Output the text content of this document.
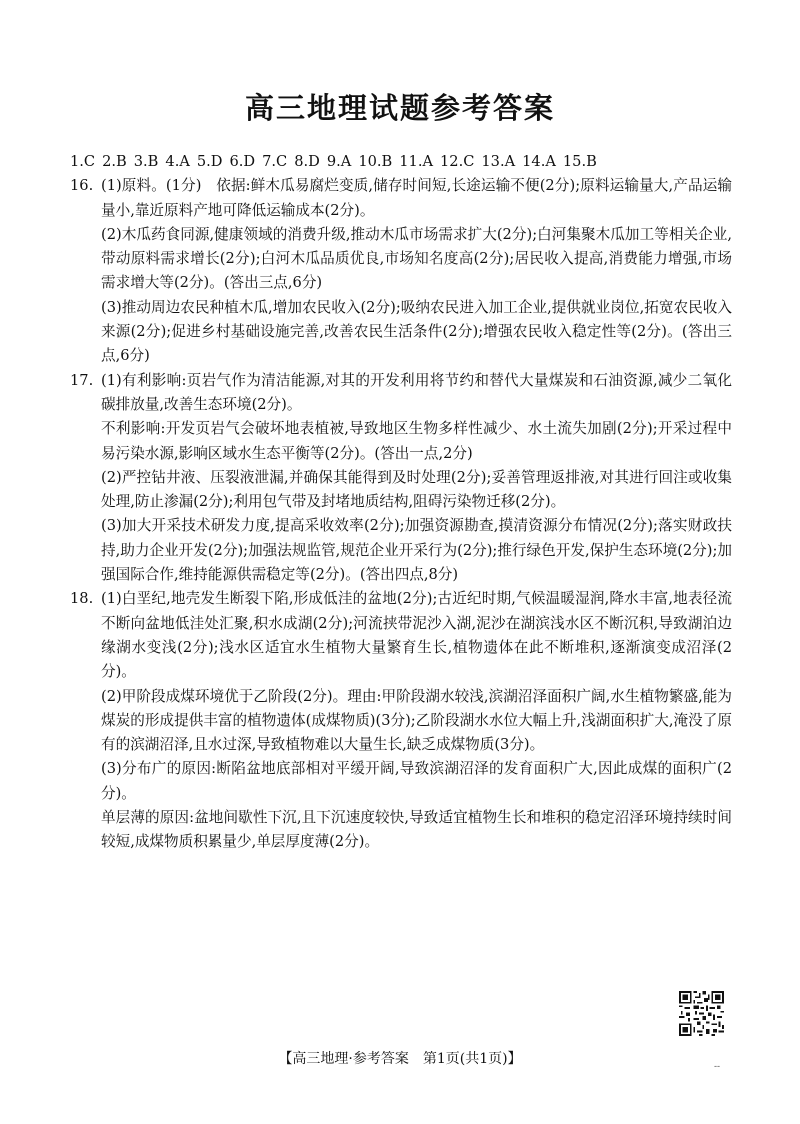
高三地理试题参考答案
1.C 2.B 3.B 4.A 5.D 6.D 7.C 8.D 9.A 10.B 11.A 12.C 13.A 14.A 15.B
16. (1)原料。(1分)　依据:鲜木瓜易腐烂变质,储存时间短,长途运输不便(2分);原料运输量大,产品运输量小,靠近原料产地可降低运输成本(2分)。

(2)木瓜药食同源,健康领域的消费升级,推动木瓜市场需求扩大(2分);白河集聚木瓜加工等相关企业,带动原料需求增长(2分);白河木瓜品质优良,市场知名度高(2分);居民收入提高,消费能力增强,市场需求增大等(2分)。(答出三点,6分)

(3)推动周边农民种植木瓜,增加农民收入(2分);吸纳农民进入加工企业,提供就业岗位,拓宽农民收入来源(2分);促进乡村基础设施完善,改善农民生活条件(2分);增强农民收入稳定性等(2分)。(答出三点,6分)

17. (1)有利影响:页岩气作为清洁能源,对其的开发利用将节约和替代大量煤炭和石油资源,减少二氧化碳排放量,改善生态环境(2分)。

不利影响:开发页岩气会破坏地表植被,导致地区生物多样性减少、水土流失加剧(2分);开采过程中易污染水源,影响区域水生态平衡等(2分)。(答出一点,2分)

(2)严控钻井液、压裂液泄漏,并确保其能得到及时处理(2分);妥善管理返排液,对其进行回注或收集处理,防止渗漏(2分);利用包气带及封堵地质结构,阻碍污染物迁移(2分)。

(3)加大开采技术研发力度,提高采收效率(2分);加强资源勘查,摸清资源分布情况(2分);落实财政扶持,助力企业开发(2分);加强法规监管,规范企业开采行为(2分);推行绿色开发,保护生态环境(2分);加强国际合作,维持能源供需稳定等(2分)。(答出四点,8分)

18. (1)白垩纪,地壳发生断裂下陷,形成低洼的盆地(2分);古近纪时期,气候温暖湿润,降水丰富,地表径流不断向盆地低洼处汇聚,积水成湖(2分);河流挟带泥沙入湖,泥沙在湖滨浅水区不断沉积,导致湖泊边缘湖水变浅(2分);浅水区适宜水生植物大量繁育生长,植物遗体在此不断堆积,逐渐演变成沼泽(2分)。

(2)甲阶段成煤环境优于乙阶段(2分)。理由:甲阶段湖水较浅,滨湖沼泽面积广阔,水生植物繁盛,能为煤炭的形成提供丰富的植物遗体(成煤物质)(3分);乙阶段湖水水位大幅上升,浅湖面积扩大,淹没了原有的滨湖沼泽,且水过深,导致植物难以大量生长,缺乏成煤物质(3分)。

(3)分布广的原因:断陷盆地底部相对平缓开阔,导致滨湖沼泽的发育面积广大,因此成煤的面积广(2分)。

单层薄的原因:盆地间歇性下沉,且下沉速度较快,导致适宜植物生长和堆积的稳定沼泽环境持续时间较短,成煤物质积累量少,单层厚度薄(2分)。

【高三地理·参考答案　第1页(共1页)】	--
